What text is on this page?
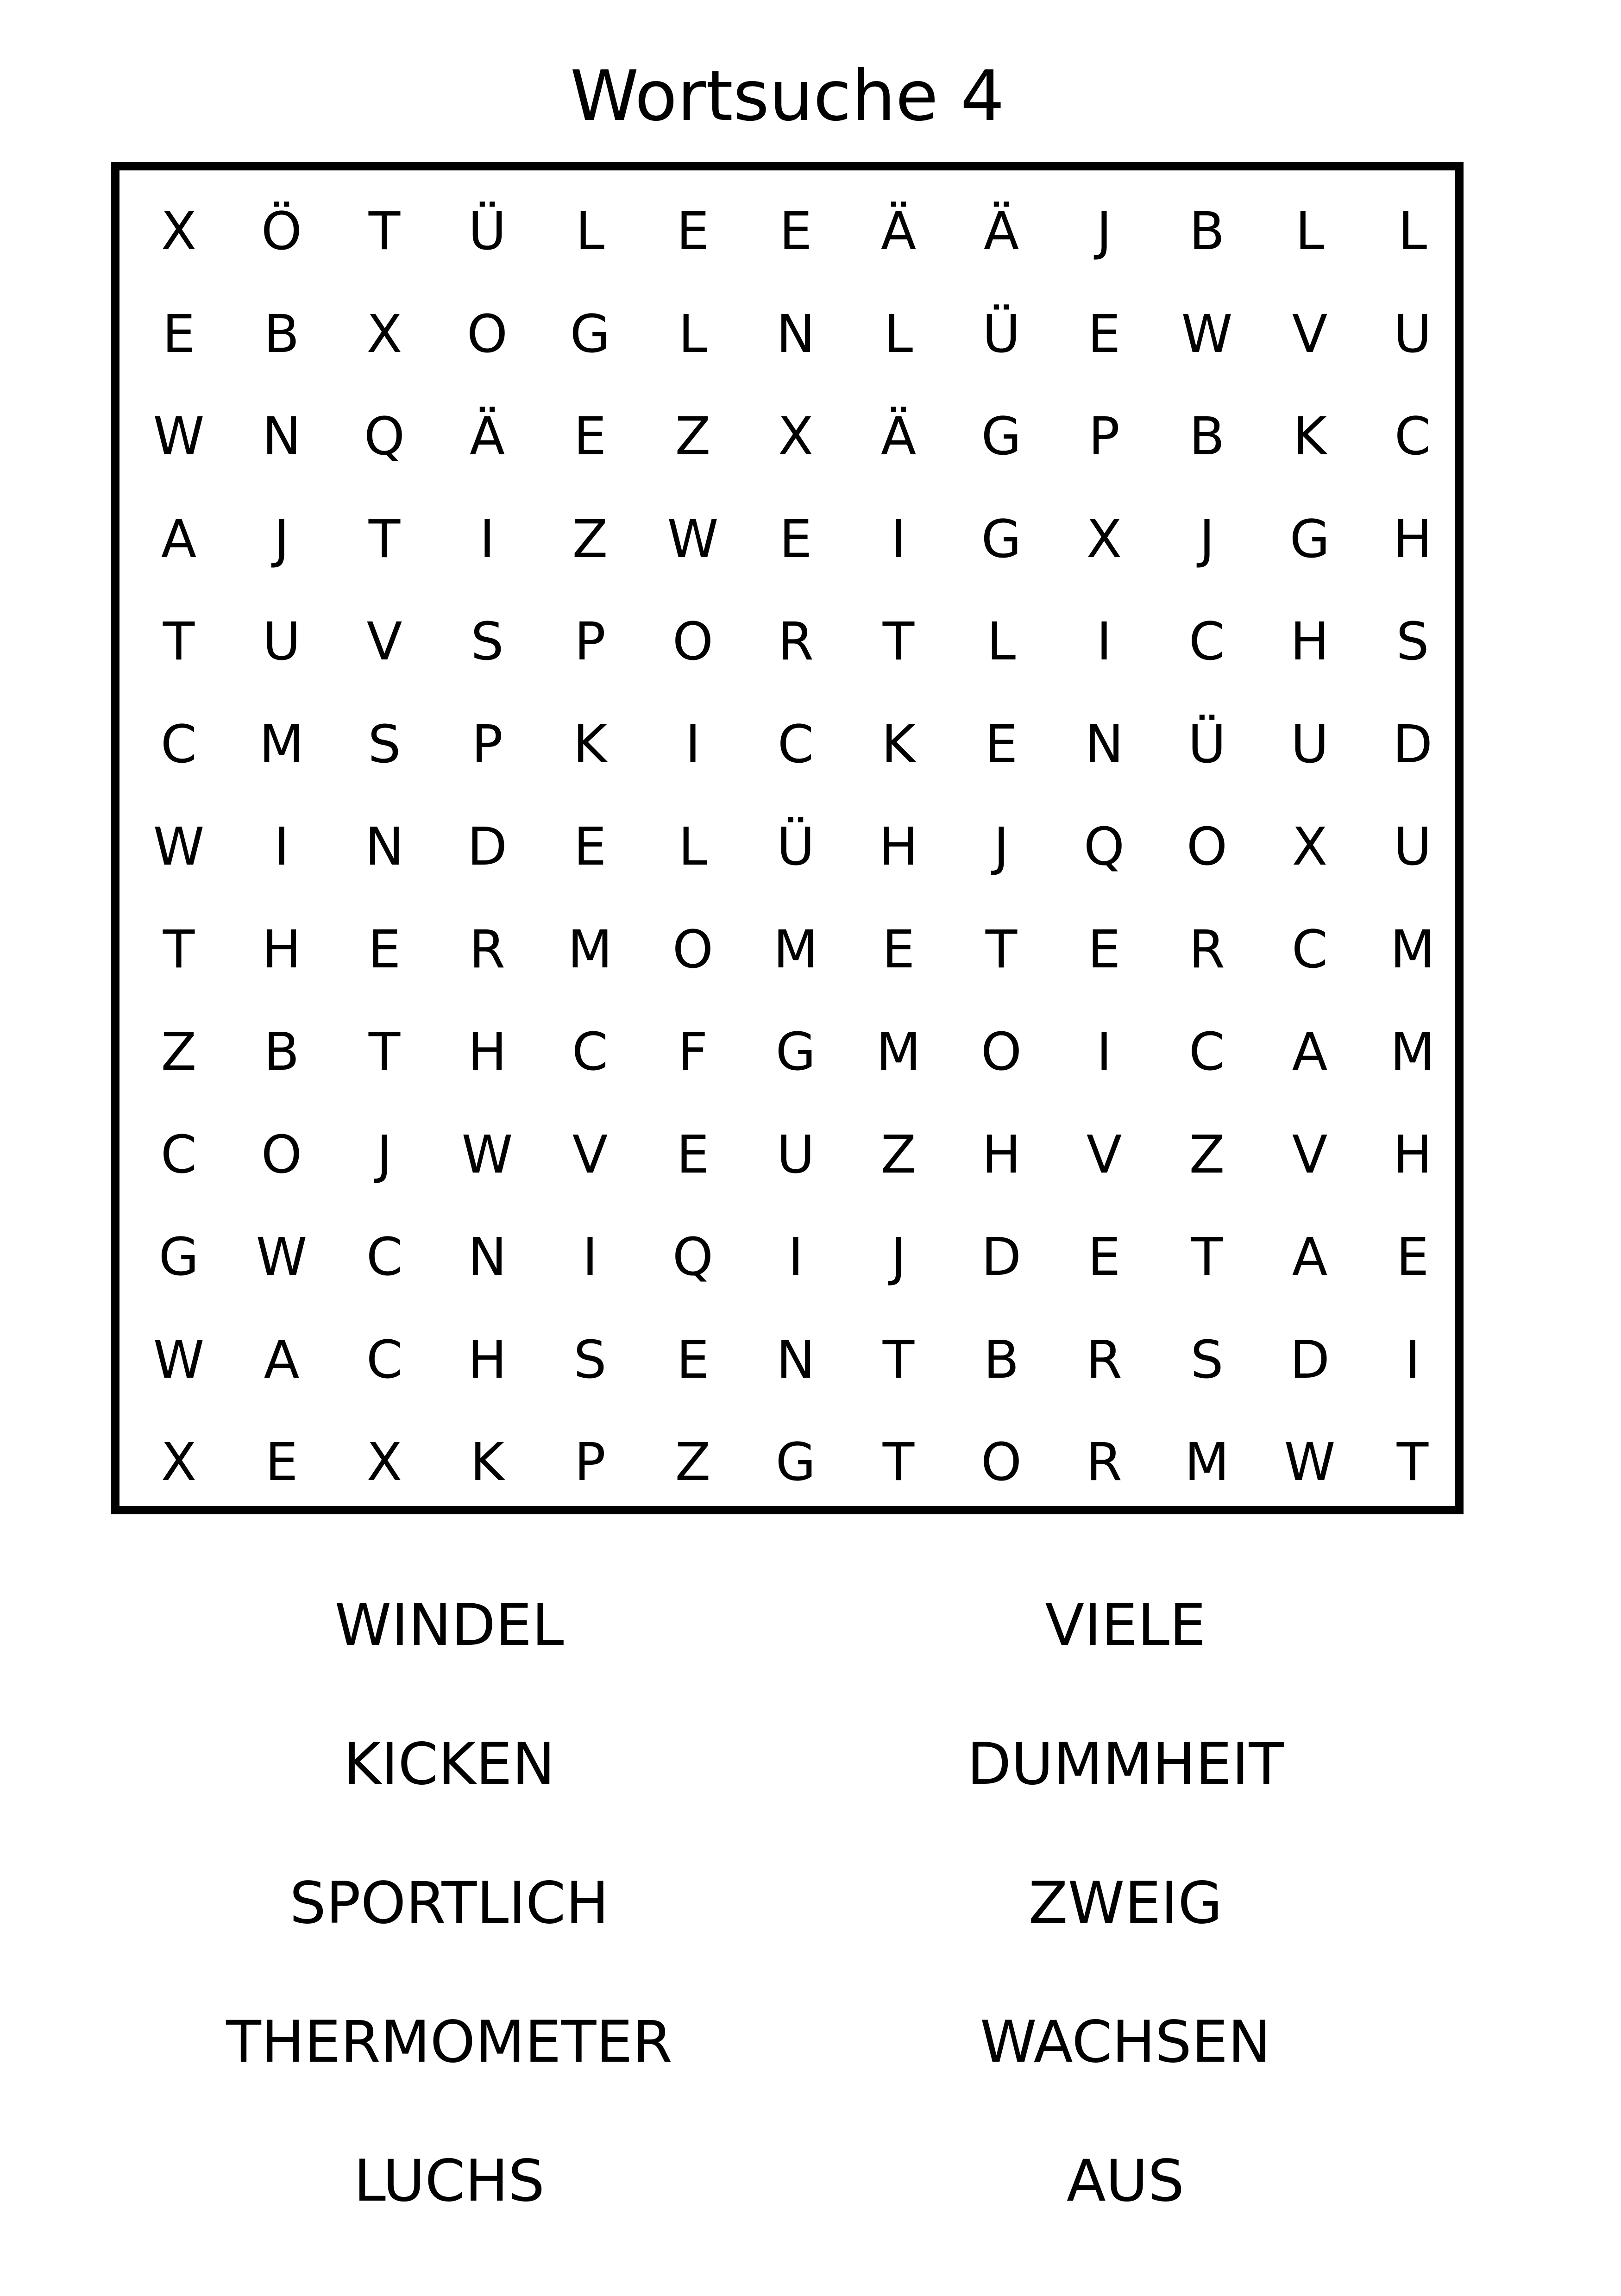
Wortsuche 4
X	Ö	T	Ü	L	E	E	Ä	Ä	J	B	L	L
E	B	X	O	G	L	N	L	Ü	E	W	V	U
W	N	Q	Ä	E	Z	X	Ä	G	P	B	K	C
A	J	T	I	Z	W	E	I	G	X	J	G	H
T	U	V	S	P	O	R	T	L	I	C	H	S
C	M	S	P	K	I	C	K	E	N	Ü	U	D
W	I	N	D	E	L	Ü	H	J	Q	O	X	U
T	H	E	R	M	O	M	E	T	E	R	C	M
Z	B	T	H	C	F	G	M	O	I	C	A	M
C	O	J	W	V	E	U	Z	H	V	Z	V	H
G	W	C	N	I	Q	I	J	D	E	T	A	E
W	A	C	H	S	E	N	T	B	R	S	D	I
X	E	X	K	P	Z	G	T	O	R	M	W	T
WINDEL
KICKEN
SPORTLICH
THERMOMETER
LUCHS
VIELE
DUMMHEIT
ZWEIG
WACHSEN
AUS
